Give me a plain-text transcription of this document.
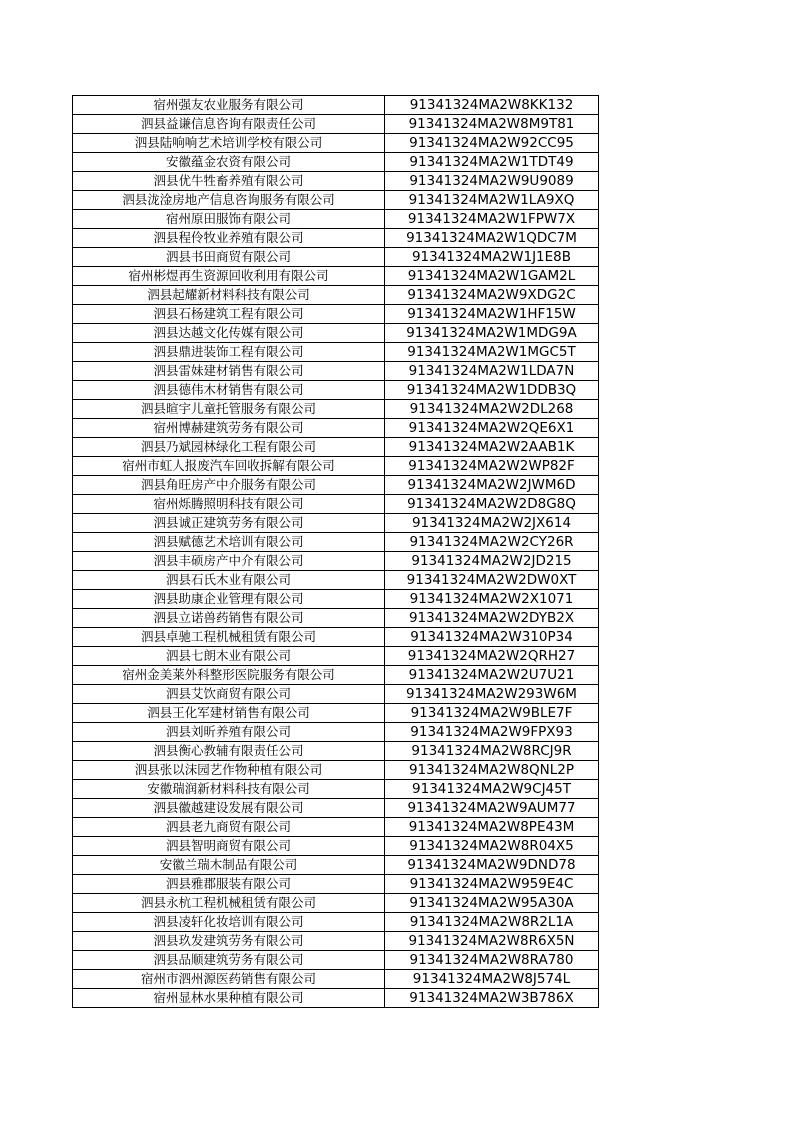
宿州强友农业服务有限公司	91341324MA2W8KK132
泗县益谦信息咨询有限责任公司	91341324MA2W8M9T81
泗县陆响响艺术培训学校有限公司	91341324MA2W92CC95
安徽蕴金农资有限公司	91341324MA2W1TDT49
泗县优牛牲畜养殖有限公司	91341324MA2W9U9089
泗县泷淦房地产信息咨询服务有限公司	91341324MA2W1LA9XQ
宿州原田服饰有限公司	91341324MA2W1FPW7X
泗县程伶牧业养殖有限公司	91341324MA2W1QDC7M
泗县书田商贸有限公司	91341324MA2W1J1E8B
宿州彬煜再生资源回收利用有限公司	91341324MA2W1GAM2L
泗县起耀新材料科技有限公司	91341324MA2W9XDG2C
泗县石杨建筑工程有限公司	91341324MA2W1HF15W
泗县达越文化传媒有限公司	91341324MA2W1MDG9A
泗县鼎进装饰工程有限公司	91341324MA2W1MGC5T
泗县雷妹建材销售有限公司	91341324MA2W1LDA7N
泗县德伟木材销售有限公司	91341324MA2W1DDB3Q
泗县暄宇儿童托管服务有限公司	91341324MA2W2DL268
宿州博赫建筑劳务有限公司	91341324MA2W2QE6X1
泗县乃斌园林绿化工程有限公司	91341324MA2W2AAB1K
宿州市虹人报废汽车回收拆解有限公司	91341324MA2W2WP82F
泗县角旺房产中介服务有限公司	91341324MA2W2JWM6D
宿州烁腾照明科技有限公司	91341324MA2W2D8G8Q
泗县诚正建筑劳务有限公司	91341324MA2W2JX614
泗县赋德艺术培训有限公司	91341324MA2W2CY26R
泗县丰硕房产中介有限公司	91341324MA2W2JD215
泗县石氏木业有限公司	91341324MA2W2DW0XT
泗县助康企业管理有限公司	91341324MA2W2X1071
泗县立诺兽药销售有限公司	91341324MA2W2DYB2X
泗县卓驰工程机械租赁有限公司	91341324MA2W310P34
泗县七朗木业有限公司	91341324MA2W2QRH27
宿州金美莱外科整形医院服务有限公司	91341324MA2W2U7U21
泗县艾饮商贸有限公司	91341324MA2W293W6M
泗县王化军建材销售有限公司	91341324MA2W9BLE7F
泗县刘昕养殖有限公司	91341324MA2W9FPX93
泗县衡心教辅有限责任公司	91341324MA2W8RCJ9R
泗县张以沫园艺作物种植有限公司	91341324MA2W8QNL2P
安徽瑞润新材料科技有限公司	91341324MA2W9CJ45T
泗县徽越建设发展有限公司	91341324MA2W9AUM77
泗县老九商贸有限公司	91341324MA2W8PE43M
泗县智明商贸有限公司	91341324MA2W8R04X5
安徽兰瑞木制品有限公司	91341324MA2W9DND78
泗县雅郡服装有限公司	91341324MA2W959E4C
泗县永杭工程机械租赁有限公司	91341324MA2W95A30A
泗县凌轩化妆培训有限公司	91341324MA2W8R2L1A
泗县玖发建筑劳务有限公司	91341324MA2W8R6X5N
泗县品顺建筑劳务有限公司	91341324MA2W8RA780
宿州市泗州源医药销售有限公司	91341324MA2W8J574L
宿州显林水果种植有限公司	91341324MA2W3B786X
